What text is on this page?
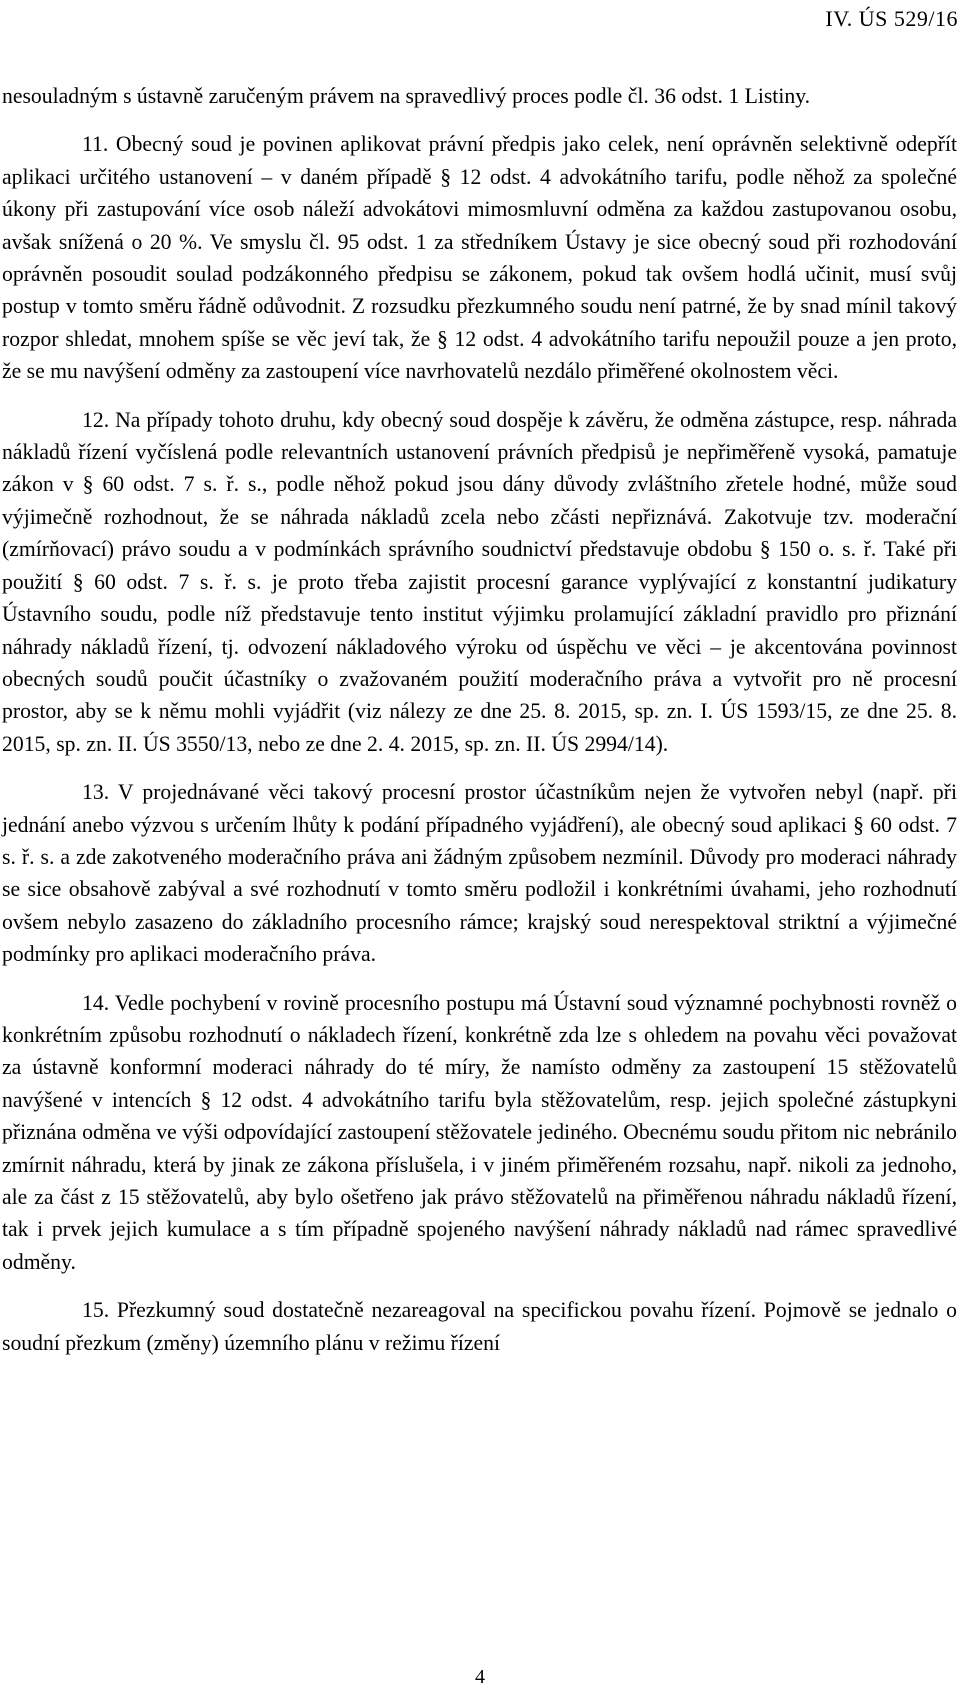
IV. ÚS 529/16

nesouladným s ústavně zaručeným právem na spravedlivý proces podle čl. 36 odst. 1 Listiny.

11. Obecný soud je povinen aplikovat právní předpis jako celek, není oprávněn selektivně odepřít aplikaci určitého ustanovení – v daném případě § 12 odst. 4 advokátního tarifu, podle něhož za společné úkony při zastupování více osob náleží advokátovi mimosmluvní odměna za každou zastupovanou osobu, avšak snížená o 20 %. Ve smyslu čl. 95 odst. 1 za středníkem Ústavy je sice obecný soud při rozhodování oprávněn posoudit soulad podzákonného předpisu se zákonem, pokud tak ovšem hodlá učinit, musí svůj postup v tomto směru řádně odůvodnit. Z rozsudku přezkumného soudu není patrné, že by snad mínil takový rozpor shledat, mnohem spíše se věc jeví tak, že § 12 odst. 4 advokátního tarifu nepoužil pouze a jen proto, že se mu navýšení odměny za zastoupení více navrhovatelů nezdálo přiměřené okolnostem věci.

12. Na případy tohoto druhu, kdy obecný soud dospěje k závěru, že odměna zástupce, resp. náhrada nákladů řízení vyčíslená podle relevantních ustanovení právních předpisů je nepřiměřeně vysoká, pamatuje zákon v § 60 odst. 7 s. ř. s., podle něhož pokud jsou dány důvody zvláštního zřetele hodné, může soud výjimečně rozhodnout, že se náhrada nákladů zcela nebo zčásti nepřiznává. Zakotvuje tzv. moderační (zmírňovací) právo soudu a v podmínkách správního soudnictví představuje obdobu § 150 o. s. ř. Také při použití § 60 odst. 7 s. ř. s. je proto třeba zajistit procesní garance vyplývající z konstantní judikatury Ústavního soudu, podle níž představuje tento institut výjimku prolamující základní pravidlo pro přiznání náhrady nákladů řízení, tj. odvození nákladového výroku od úspěchu ve věci – je akcentována povinnost obecných soudů poučit účastníky o zvažovaném použití moderačního práva a vytvořit pro ně procesní prostor, aby se k němu mohli vyjádřit (viz nálezy ze dne 25. 8. 2015, sp. zn. I. ÚS 1593/15, ze dne 25. 8. 2015, sp. zn. II. ÚS 3550/13, nebo ze dne 2. 4. 2015, sp. zn. II. ÚS 2994/14).

13. V projednávané věci takový procesní prostor účastníkům nejen že vytvořen nebyl (např. při jednání anebo výzvou s určením lhůty k podání případného vyjádření), ale obecný soud aplikaci § 60 odst. 7 s. ř. s. a zde zakotveného moderačního práva ani žádným způsobem nezmínil. Důvody pro moderaci náhrady se sice obsahově zabýval a své rozhodnutí v tomto směru podložil i konkrétními úvahami, jeho rozhodnutí ovšem nebylo zasazeno do základního procesního rámce; krajský soud nerespektoval striktní a výjimečné podmínky pro aplikaci moderačního práva.

14. Vedle pochybení v rovině procesního postupu má Ústavní soud významné pochybnosti rovněž o konkrétním způsobu rozhodnutí o nákladech řízení, konkrétně zda lze s ohledem na povahu věci považovat za ústavně konformní moderaci náhrady do té míry, že namísto odměny za zastoupení 15 stěžovatelů navýšené v intencích § 12 odst. 4 advokátního tarifu byla stěžovatelům, resp. jejich společné zástupkyni přiznána odměna ve výši odpovídající zastoupení stěžovatele jediného. Obecnému soudu přitom nic nebránilo zmírnit náhradu, která by jinak ze zákona příslušela, i v jiném přiměřeném rozsahu, např. nikoli za jednoho, ale za část z 15 stěžovatelů, aby bylo ošetřeno jak právo stěžovatelů na přiměřenou náhradu nákladů řízení, tak i prvek jejich kumulace a s tím případně spojeného navýšení náhrady nákladů nad rámec spravedlivé odměny.

15. Přezkumný soud dostatečně nezareagoval na specifickou povahu řízení. Pojmově se jednalo o soudní přezkum (změny) územního plánu v režimu řízení

4
